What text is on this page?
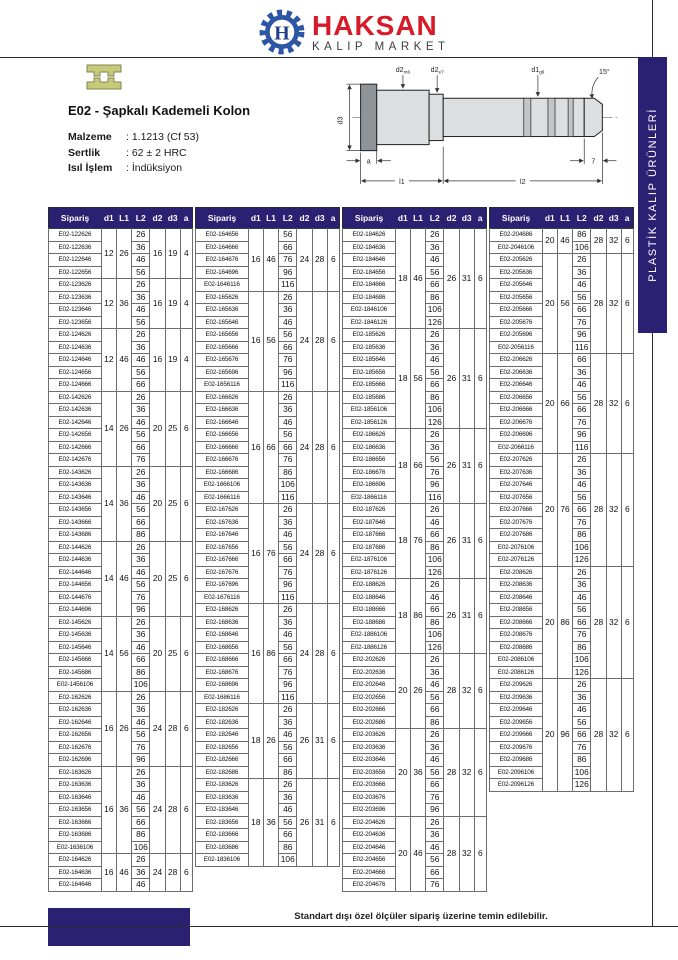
H HAKSAN
KALIP MARKET
PLASTİK KALIP ÜRÜNLERİ
E02 - Şapkalı Kademeli Kolon
Malzeme : 1.1213 (Cf 53)
Sertlik : 62 ± 2 HRC
Isıl İşlem : İndüksiyon
d3
a
l1	l2
7
$d2_{m6}$	$d2_{e7}$	$d1_{g6}$	15°
Sipariş	d1	L1	L2	d2	d3	a
E02-122626	12	26	26	16	19	4
E02-122636			36			
E02-122646			46			
E02-122656			56			
E02-123626	12	36	26	16	19	4
E02-123636			36			
E02-123646			46			
E02-123656			56			
E02-124626	12	46	26	16	19	4
E02-124636			36			
E02-124646			46			
E02-124656			56			
E02-124666			66			
E02-142626	14	26	26	20	25	6
E02-142636			36			
E02-142646			46			
E02-142656			56			
E02-142666			66			
E02-142676			76			
E02-143626	14	36	26	20	25	6
E02-143636			36			
E02-143646			46			
E02-143656			56			
E02-143666			66			
E02-143686			86			
E02-144626	14	46	26	20	25	6
E02-144636			36			
E02-144646			46			
E02-144656			56			
E02-144676			76			
E02-144696			96			
E02-145626	14	56	26	20	25	6
E02-145636			36			
E02-145646			46			
E02-145666			66			
E02-145686			86			
E02-1456106			106			
E02-162626	16	26	26	24	28	6
E02-162636			36			
E02-162646			46			
E02-162656			56			
E02-162676			76			
E02-162696			96			
E02-163626	16	36	26	24	28	6
E02-163636			36			
E02-163646			46			
E02-163656			56			
E02-163666			66			
E02-163686			86			
E02-1636106			106			
E02-164626	16	46	26	24	28	6
E02-164636			36			
E02-164646			46			
Sipariş	d1	L1	L2	d2	d3	a
E02-164656	16	46	56	24	28	6
E02-164666			66			
E02-164676			76			
E02-164696			96			
E02-1646116			116			
E02-165626	16	56	26	24	28	6
E02-165636			36			
E02-165646			46			
E02-165656			56			
E02-165666			66			
E02-165676			76			
E02-165696			96			
E02-1656116			116			
E02-166626	16	66	26	24	28	6
E02-166636			36			
E02-166646			46			
E02-166656			56			
E02-166666			66			
E02-166676			76			
E02-166686			86			
E02-1666106			106			
E02-1666116			116			
E02-167626	16	76	26	24	28	6
E02-167636			36			
E02-167646			46			
E02-167656			56			
E02-167666			66			
E02-167676			76			
E02-167696			96			
E02-1676116			116			
E02-168626	16	86	26	24	28	6
E02-168636			36			
E02-168646			46			
E02-168656			56			
E02-168666			66			
E02-168676			76			
E02-168696			96			
E02-1686116			116			
E02-182626	18	26	26	26	31	6
E02-182636			36			
E02-182646			46			
E02-182656			56			
E02-182666			66			
E02-182686			86			
E02-183626	18	36	26	26	31	6
E02-183636			36			
E02-183646			46			
E02-183656			56			
E02-183666			66			
E02-183686			86			
E02-1836106			106			
Sipariş	d1	L1	L2	d2	d3	a
E02-184626	18	46	26	26	31	6
E02-184636			36			
E02-184646			46			
E02-184656			56			
E02-184666			66			
E02-184686			86			
E02-1846106			106			
E02-1846126			126			
E02-185626	18	56	26	26	31	6
E02-185636			36			
E02-185646			46			
E02-185656			56			
E02-185666			66			
E02-185686			86			
E02-1856106			106			
E02-1856126			126			
E02-186626	18	66	26	26	31	6
E02-186636			36			
E02-186656			56			
E02-186676			76			
E02-186696			96			
E02-1866116			116			
E02-187626	18	76	26	26	31	6
E02-187646			46			
E02-187666			66			
E02-187686			86			
E02-1876106			106			
E02-1876126			126			
E02-188626	18	86	26	26	31	6
E02-188646			46			
E02-188666			66			
E02-188686			86			
E02-1886106			106			
E02-1886126			126			
E02-202626	20	26	26	28	32	6
E02-202636			36			
E02-202646			46			
E02-202656			56			
E02-202666			66			
E02-202686			86			
E02-203626	20	36	26	28	32	6
E02-203636			36			
E02-203646			46			
E02-203656			56			
E02-203666			66			
E02-203676			76			
E02-203696			96			
E02-204626	20	46	26	28	32	6
E02-204636			36			
E02-204646			46			
E02-204656			56			
E02-204666			66			
E02-204676			76			
Sipariş	d1	L1	L2	d2	d3	a
E02-204686	20	46	86	28	32	6
E02-2046106			106			
E02-205626	20	56	26	28	32	6
E02-205636			36			
E02-205646			46			
E02-205656			56			
E02-205666			66			
E02-205676			76			
E02-205696			96			
E02-2056116			116			
E02-206626	20	66	66	28	32	6
E02-206636			36			
E02-206646			46			
E02-206656			56			
E02-206666			66			
E02-206676			76			
E02-206696			96			
E02-2066116			116			
E02-207626	20	76	26	28	32	6
E02-207636			36			
E02-207646			46			
E02-207656			56			
E02-207666			66			
E02-207676			76			
E02-207686			86			
E02-2076106			106			
E02-2076126			126			
E02-208626	20	86	26	28	32	6
E02-208636			36			
E02-208646			46			
E02-208656			56			
E02-208666			66			
E02-208676			76			
E02-208686			86			
E02-2086106			106			
E02-2086126			126			
E02-209626	20	96	26	28	32	6
E02-209636			36			
E02-209646			46			
E02-209656			56			
E02-209666			66			
E02-209676			76			
E02-209686			86			
E02-2096106			106			
E02-2096126			126			
Standart dışı özel ölçüler sipariş üzerine temin edilebilir.
